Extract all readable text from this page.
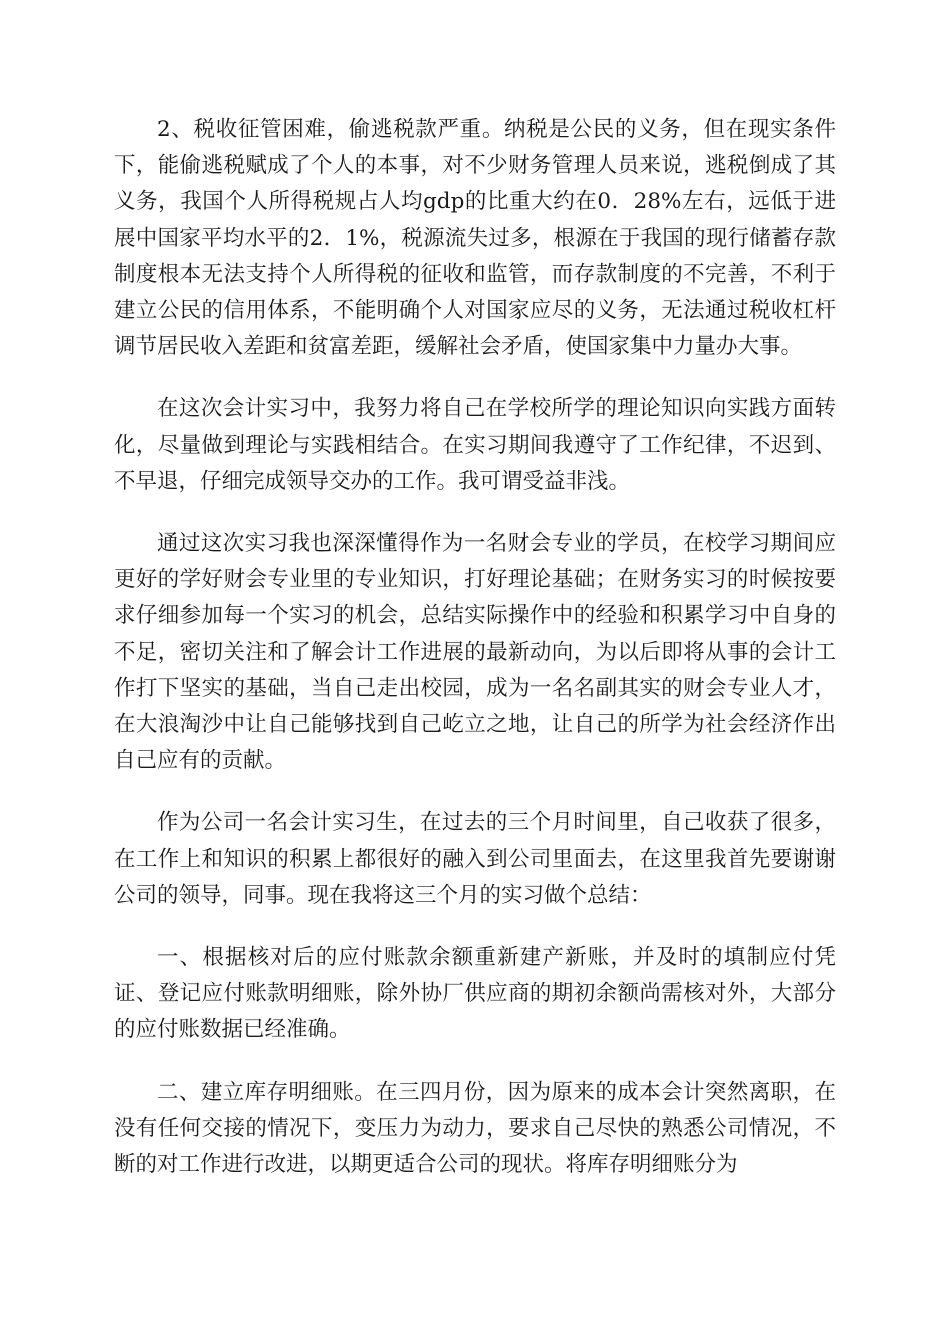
2、税收征管困难，偷逃税款严重。纳税是公民的义务，但在现实条件下，能偷逃税赋成了个人的本事，对不少财务管理人员来说，逃税倒成了其义务，我国个人所得税规占人均gdp的比重大约在0．28%左右，远低于进展中国家平均水平的2．1%，税源流失过多，根源在于我国的现行储蓄存款制度根本无法支持个人所得税的征收和监管，而存款制度的不完善，不利于建立公民的信用体系，不能明确个人对国家应尽的义务，无法通过税收杠杆调节居民收入差距和贫富差距，缓解社会矛盾，使国家集中力量办大事。

在这次会计实习中，我努力将自己在学校所学的理论知识向实践方面转化，尽量做到理论与实践相结合。在实习期间我遵守了工作纪律，不迟到、不早退，仔细完成领导交办的工作。我可谓受益非浅。

通过这次实习我也深深懂得作为一名财会专业的学员，在校学习期间应更好的学好财会专业里的专业知识，打好理论基础；在财务实习的时候按要求仔细参加每一个实习的机会，总结实际操作中的经验和积累学习中自身的不足，密切关注和了解会计工作进展的最新动向，为以后即将从事的会计工作打下坚实的基础，当自己走出校园，成为一名名副其实的财会专业人才，在大浪淘沙中让自己能够找到自己屹立之地，让自己的所学为社会经济作出自己应有的贡献。

作为公司一名会计实习生，在过去的三个月时间里，自己收获了很多，在工作上和知识的积累上都很好的融入到公司里面去，在这里我首先要谢谢公司的领导，同事。现在我将这三个月的实习做个总结：

一、根据核对后的应付账款余额重新建产新账，并及时的填制应付凭证、登记应付账款明细账，除外协厂供应商的期初余额尚需核对外，大部分的应付账数据已经准确。

二、建立库存明细账。在三四月份，因为原来的成本会计突然离职，在没有任何交接的情况下，变压力为动力，要求自己尽快的熟悉公司情况，不断的对工作进行改进，以期更适合公司的现状。将库存明细账分为
